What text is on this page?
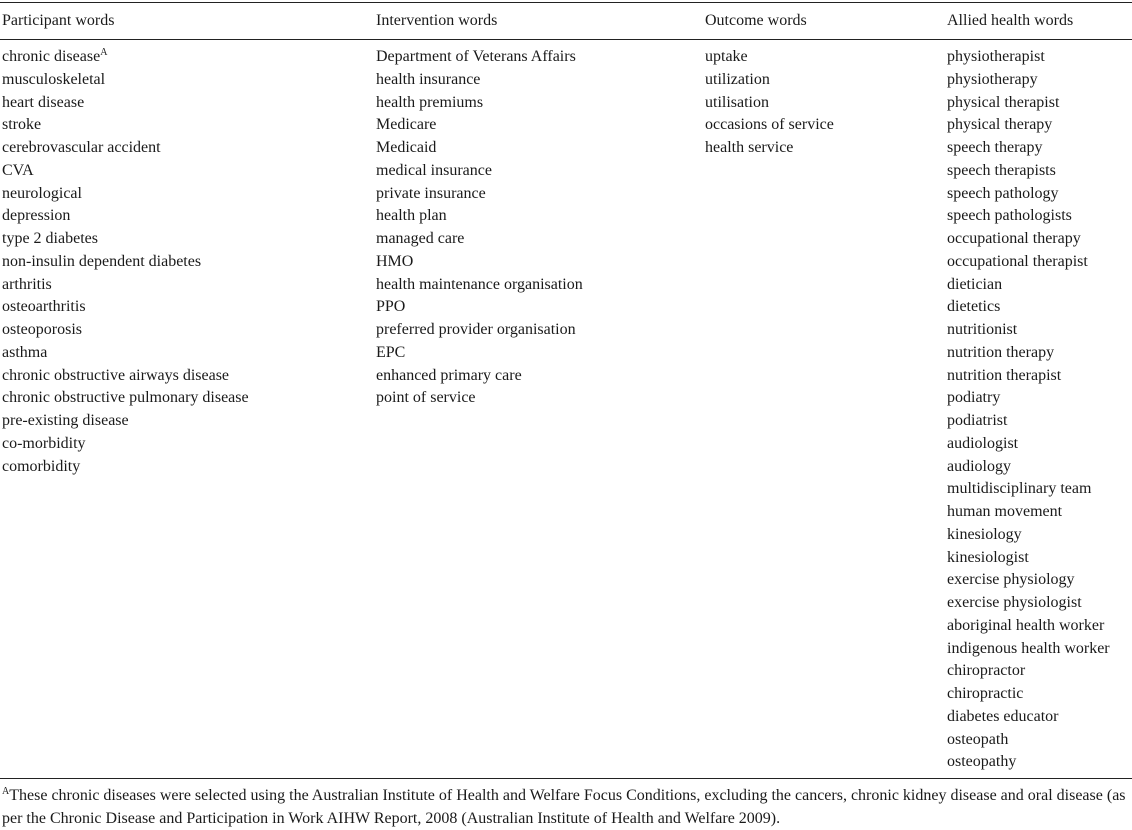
Participant words
chronic disease$^A$
musculoskeletal
heart disease
stroke
cerebrovascular accident
CVA
neurological
depression
type 2 diabetes
non-insulin dependent diabetes
arthritis
osteoarthritis
osteoporosis
asthma
chronic obstructive airways disease
chronic obstructive pulmonary disease
pre-existing disease
co-morbidity
comorbidity
Intervention words
Department of Veterans Affairs
health insurance
health premiums
Medicare
Medicaid
medical insurance
private insurance
health plan
managed care
HMO
health maintenance organisation
PPO
preferred provider organisation
EPC
enhanced primary care
point of service
Outcome words
uptake
utilization
utilisation
occasions of service
health service
Allied health words
physiotherapist
physiotherapy
physical therapist
physical therapy
speech therapy
speech therapists
speech pathology
speech pathologists
occupational therapy
occupational therapist
dietician
dietetics
nutritionist
nutrition therapy
nutrition therapist
podiatry
podiatrist
audiologist
audiology
multidisciplinary team
human movement
kinesiology
kinesiologist
exercise physiology
exercise physiologist
aboriginal health worker
indigenous health worker
chiropractor
chiropractic
diabetes educator
osteopath
osteopathy
$^A$These chronic diseases were selected using the Australian Institute of Health and Welfare Focus Conditions, excluding the cancers, chronic kidney disease and oral disease (as per the Chronic Disease and Participation in Work AIHW Report, 2008 (Australian Institute of Health and Welfare 2009).
